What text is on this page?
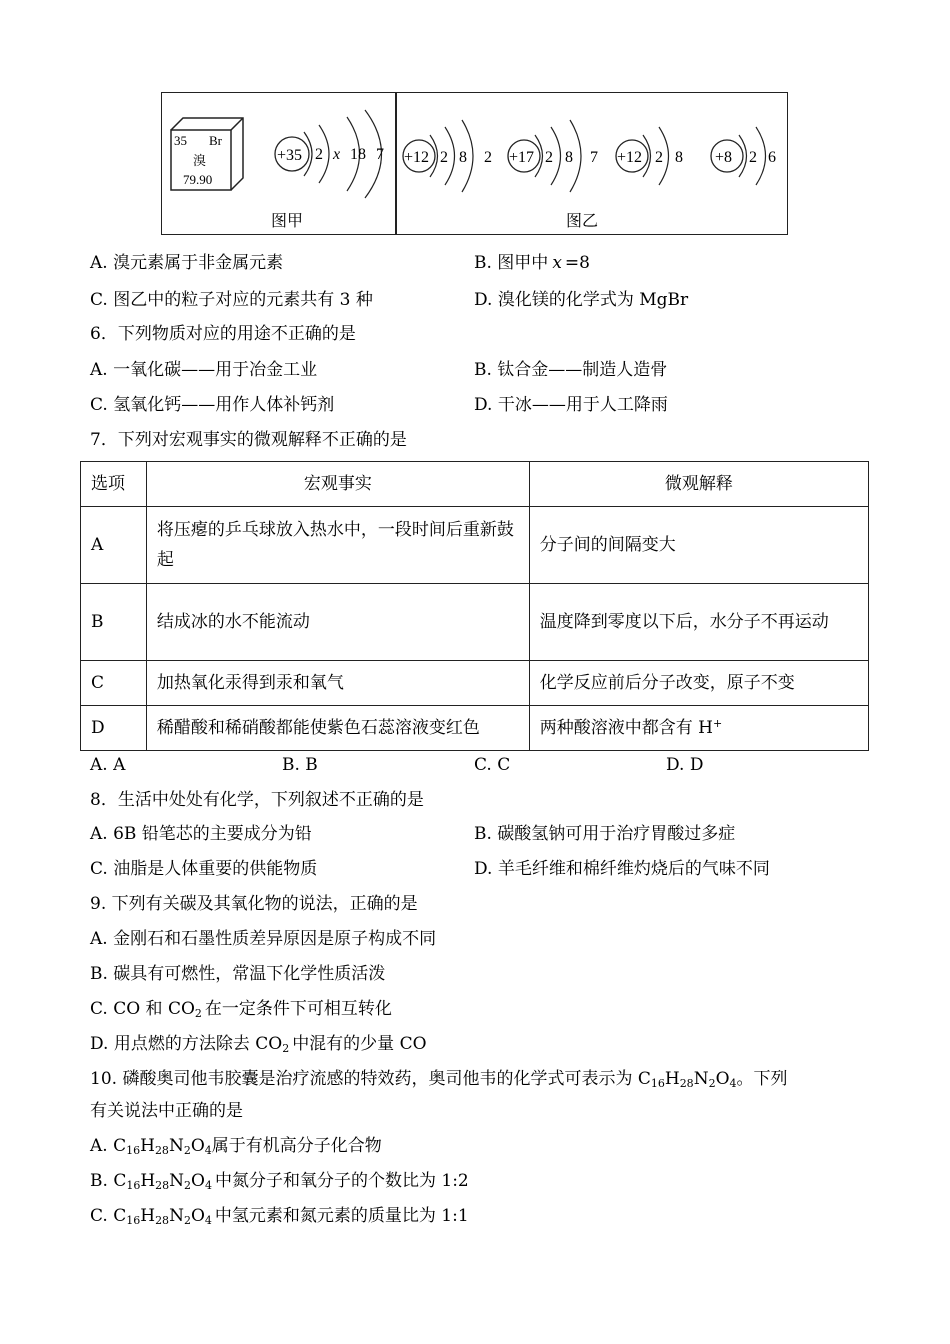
35 Br
溴
79.90
+35 2 x 18 7 +12 2 8 2 +17 2 8 7 +12 2 8 +8 2 6
图甲	图乙
A. 溴元素属于非金属元素	B. 图甲中 x =8
C. 图乙中的粒子对应的元素共有 3 种	D. 溴化镁的化学式为 MgBr
6．下列物质对应的用途不正确的是
A. 一氧化碳——用于冶金工业	B. 钛合金——制造人造骨
C. 氢氧化钙——用作人体补钙剂	D. 干冰——用于人工降雨
7．下列对宏观事实的微观解释不正确的是
选项	宏观事实	微观解释
A	将压瘪的乒乓球放入热水中，一段时间后重新鼓起	分子间的间隔变大
B	结成冰的水不能流动	温度降到零度以下后，水分子不再运动
C	加热氧化汞得到汞和氧气	化学反应前后分子改变，原子不变
D	稀醋酸和稀硝酸都能使紫色石蕊溶液变红色	两种酸溶液中都含有 H+
A. A	B. B	C. C	D. D
8．生活中处处有化学，下列叙述不正确的是
A. 6B 铅笔芯的主要成分为铅	B. 碳酸氢钠可用于治疗胃酸过多症
C. 油脂是人体重要的供能物质	D. 羊毛纤维和棉纤维灼烧后的气味不同
9. 下列有关碳及其氧化物的说法，正确的是
A. 金刚石和石墨性质差异原因是原子构成不同
B. 碳具有可燃性，常温下化学性质活泼
C. CO 和 $CO_2$ 在一定条件下可相互转化
D. 用点燃的方法除去 $CO_2$ 中混有的少量 CO
10. 磷酸奥司他韦胶囊是治疗流感的特效药，奥司他韦的化学式可表示为 $C_{16}H_{28}N_2O_4$。下列
有关说法中正确的是
A. $C_{16}H_{28}N_2O_4$属于有机高分子化合物
B. $C_{16}H_{28}N_2O_4$ 中氮分子和氧分子的个数比为 1:2
C. $C_{16}H_{28}N_2O_4$ 中氢元素和氮元素的质量比为 1:1
